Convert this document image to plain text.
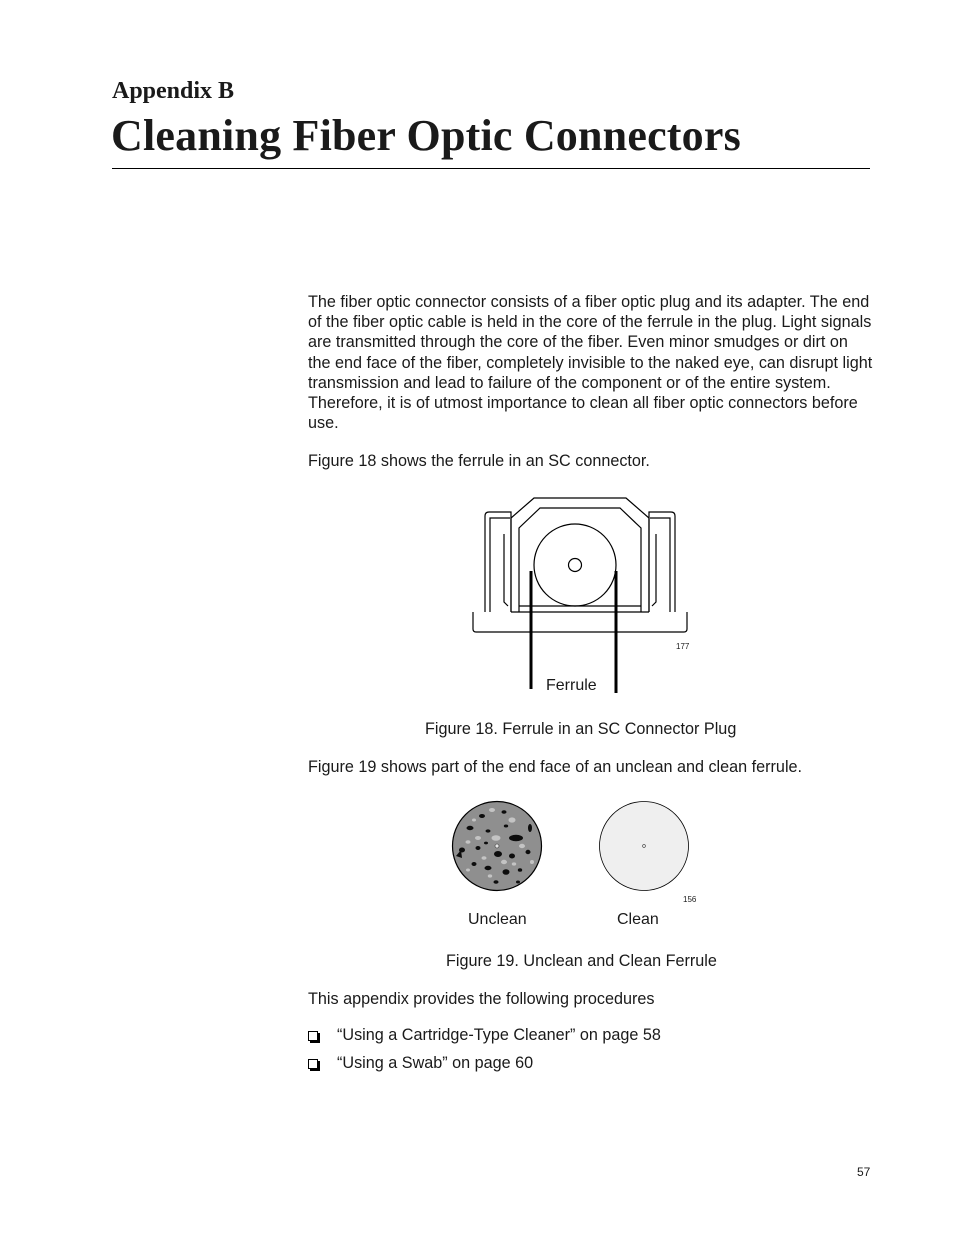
Appendix B
Cleaning Fiber Optic Connectors

The fiber optic connector consists of a fiber optic plug and its adapter. The end of the fiber optic cable is held in the core of the ferrule in the plug. Light signals are transmitted through the core of the fiber. Even minor smudges or dirt on the end face of the fiber, completely invisible to the naked eye, can disrupt light transmission and lead to failure of the component or of the entire system. Therefore, it is of utmost importance to clean all fiber optic connectors before use.

Figure 18 shows the ferrule in an SC connector.

177
Ferrule
Figure 18. Ferrule in an SC Connector Plug

Figure 19 shows part of the end face of an unclean and clean ferrule.

156
Unclean	Clean
Figure 19. Unclean and Clean Ferrule

This appendix provides the following procedures

“Using a Cartridge-Type Cleaner” on page 58
“Using a Swab” on page 60
57
